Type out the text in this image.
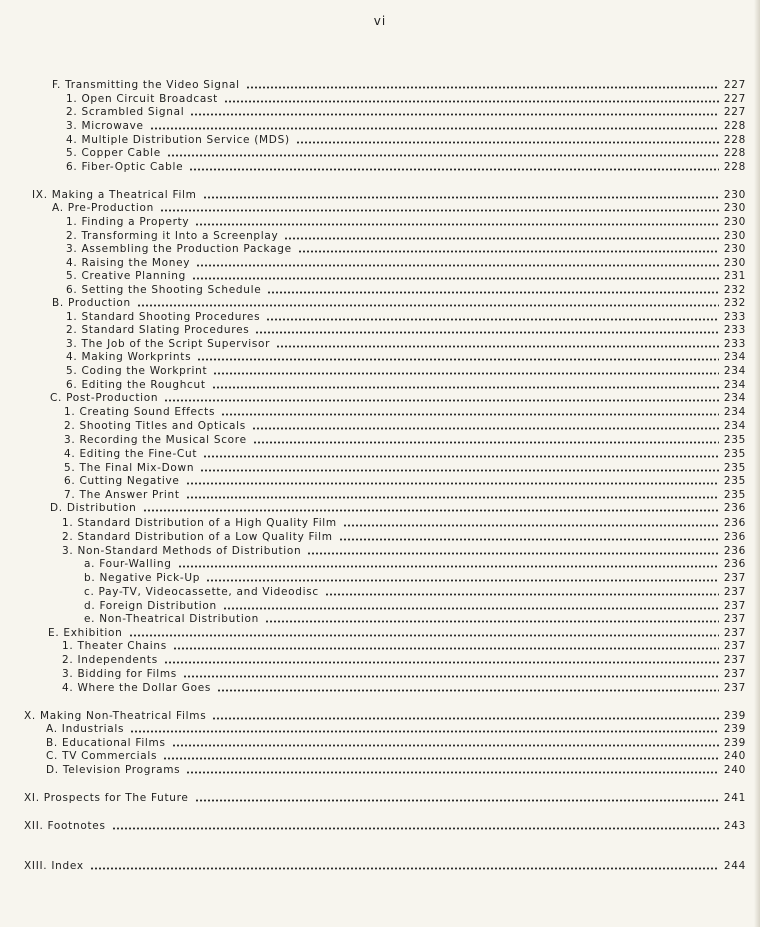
vi
F. Transmitting the Video Signal	227
1. Open Circuit Broadcast	227
2. Scrambled Signal	227
3. Microwave	228
4. Multiple Distribution Service (MDS)	228
5. Copper Cable	228
6. Fiber-Optic Cable	228
IX. Making a Theatrical Film	230
A. Pre-Production	230
1. Finding a Property	230
2. Transforming it Into a Screenplay	230
3. Assembling the Production Package	230
4. Raising the Money	230
5. Creative Planning	231
6. Setting the Shooting Schedule	232
B. Production	232
1. Standard Shooting Procedures	233
2. Standard Slating Procedures	233
3. The Job of the Script Supervisor	233
4. Making Workprints	234
5. Coding the Workprint	234
6. Editing the Roughcut	234
C. Post-Production	234
1. Creating Sound Effects	234
2. Shooting Titles and Opticals	234
3. Recording the Musical Score	235
4. Editing the Fine-Cut	235
5. The Final Mix-Down	235
6. Cutting Negative	235
7. The Answer Print	235
D. Distribution	236
1. Standard Distribution of a High Quality Film	236
2. Standard Distribution of a Low Quality Film	236
3. Non-Standard Methods of Distribution	236
a. Four-Walling	236
b. Negative Pick-Up	237
c. Pay-TV, Videocassette, and Videodisc	237
d. Foreign Distribution	237
e. Non-Theatrical Distribution	237
E. Exhibition	237
1. Theater Chains	237
2. Independents	237
3. Bidding for Films	237
4. Where the Dollar Goes	237
X. Making Non-Theatrical Films	239
A. Industrials	239
B. Educational Films	239
C. TV Commercials	240
D. Television Programs	240
XI. Prospects for The Future	241
XII. Footnotes	243
XIII. Index	244
